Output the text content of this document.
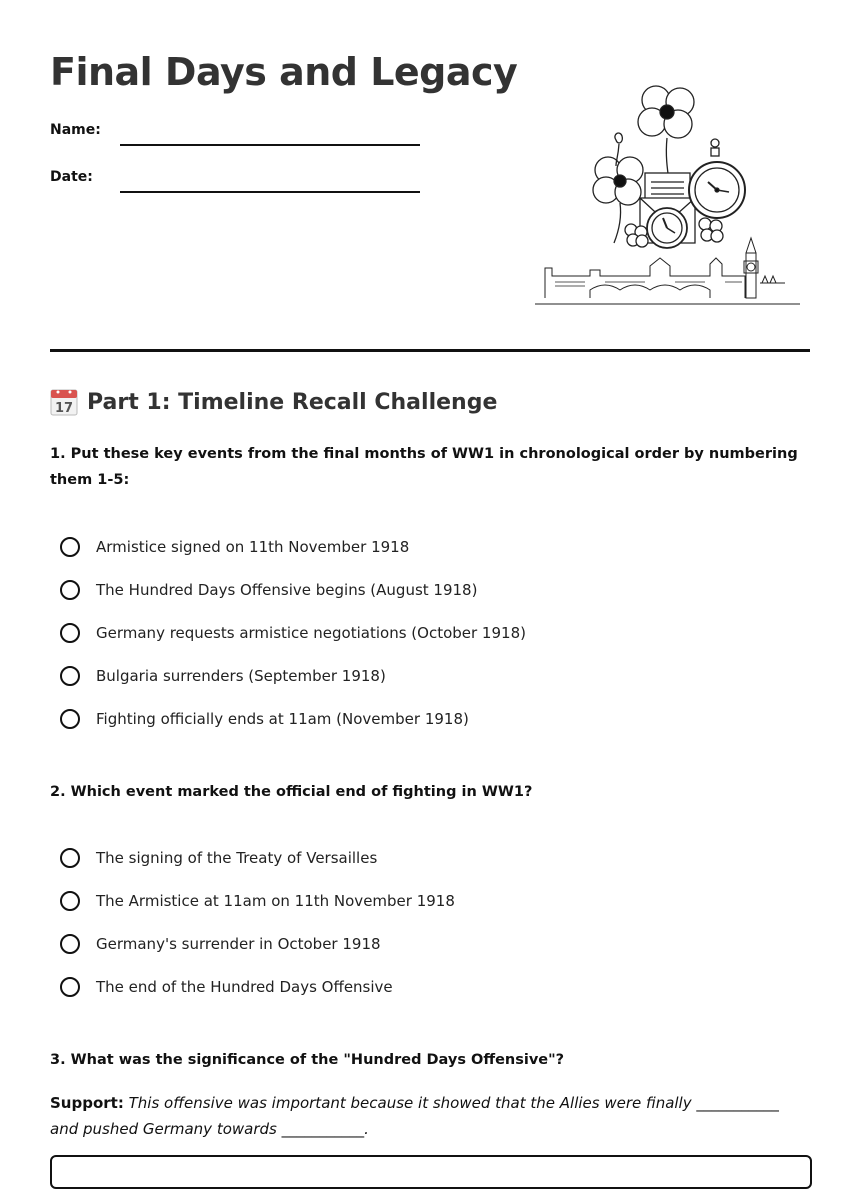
Final Days and Legacy
Name:
Date:
17 Part 1: Timeline Recall Challenge
1. Put these key events from the final months of WW1 in chronological order by numbering them 1-5:
Armistice signed on 11th November 1918
The Hundred Days Offensive begins (August 1918)
Germany requests armistice negotiations (October 1918)
Bulgaria surrenders (September 1918)
Fighting officially ends at 11am (November 1918)
2. Which event marked the official end of fighting in WW1?
The signing of the Treaty of Versailles
The Armistice at 11am on 11th November 1918
Germany's surrender in October 1918
The end of the Hundred Days Offensive
3. What was the significance of the "Hundred Days Offensive"?
Support: This offensive was important because it showed that the Allies were finally ___________ and pushed Germany towards ___________.
